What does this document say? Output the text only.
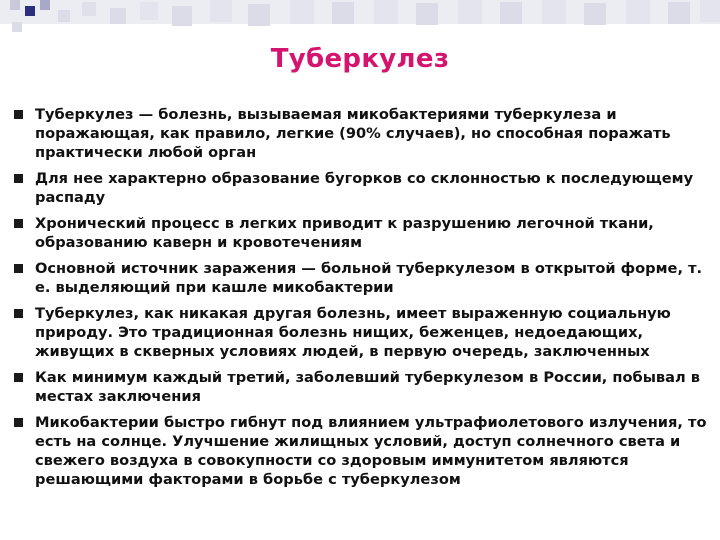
Туберкулез
Туберкулез — болезнь, вызываемая микобактериями туберкулеза и поражающая, как правило, легкие (90% случаев), но способная поражать практически любой орган
Для нее характерно образование бугорков со склонностью к последующему распаду
Хронический процесс в легких приводит к разрушению легочной ткани, образованию каверн и кровотечениям
Основной источник заражения — больной туберкулезом в открытой форме, т. е. выделяющий при кашле микобактерии
Туберкулез, как никакая другая болезнь, имеет выраженную социальную природу. Это традиционная болезнь нищих, беженцев, недоедающих, живущих в скверных условиях людей, в первую очередь, заключенных
Как минимум каждый третий, заболевший туберкулезом в России, побывал в местах заключения
Микобактерии быстро гибнут под влиянием ультрафиолетового излучения, то есть на солнце. Улучшение жилищных условий, доступ солнечного света и свежего воздуха в совокупности со здоровым иммунитетом являются решающими факторами в борьбе с туберкулезом
